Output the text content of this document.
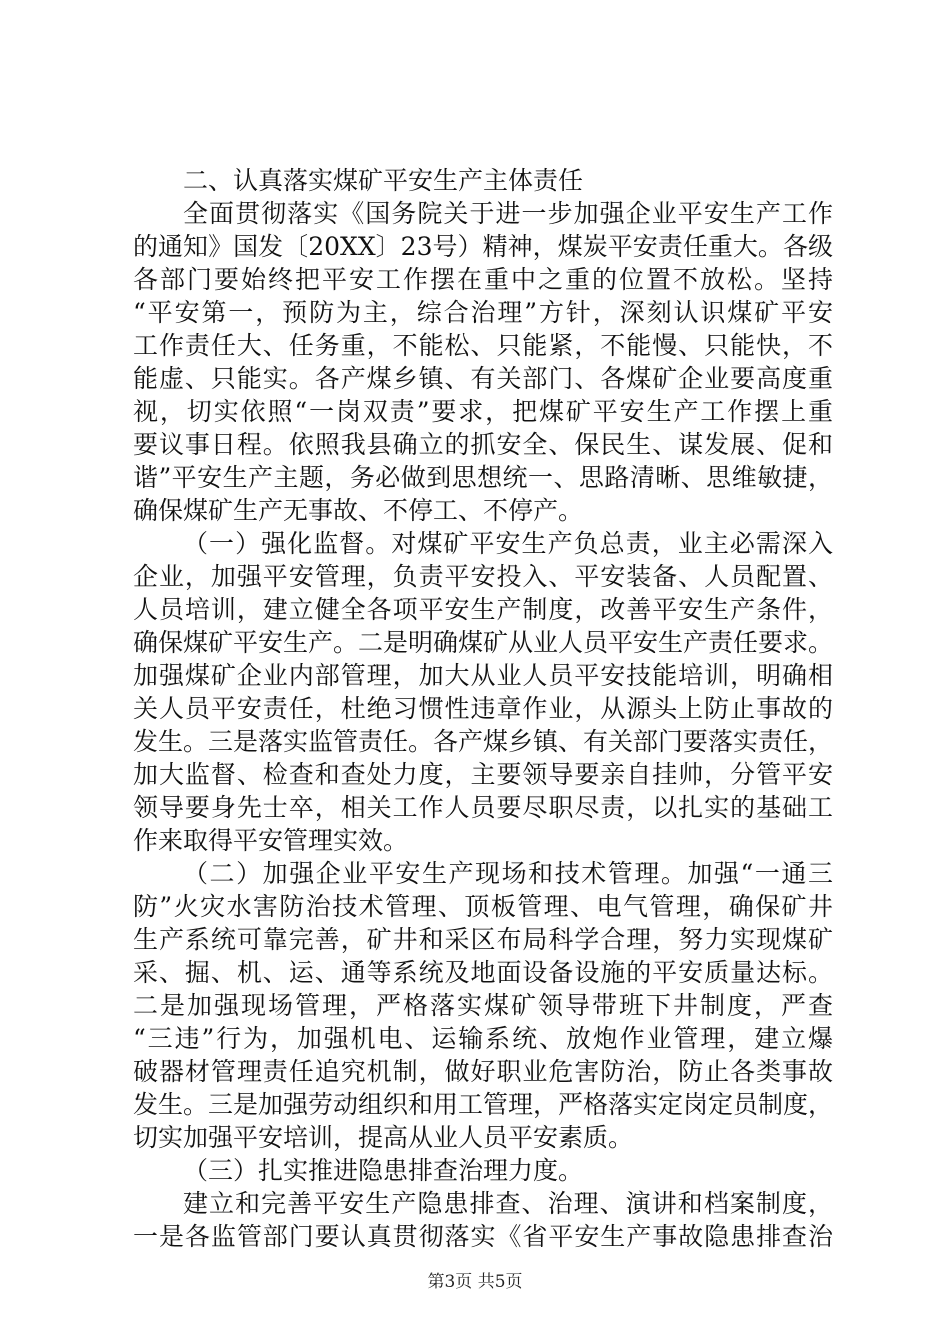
二、认真落实煤矿平安生产主体责任
全面贯彻落实《国务院关于进一步加强企业平安生产工作
的通知》国发〔20XX〕23号）精神，煤炭平安责任重大。各级
各部门要始终把平安工作摆在重中之重的位置不放松。坚持
“平安第一，预防为主，综合治理”方针，深刻认识煤矿平安
工作责任大、任务重，不能松、只能紧，不能慢、只能快，不
能虚、只能实。各产煤乡镇、有关部门、各煤矿企业要高度重
视，切实依照“一岗双责”要求，把煤矿平安生产工作摆上重
要议事日程。依照我县确立的抓安全、保民生、谋发展、促和
谐”平安生产主题，务必做到思想统一、思路清晰、思维敏捷，
确保煤矿生产无事故、不停工、不停产。
（一）强化监督。对煤矿平安生产负总责，业主必需深入
企业，加强平安管理，负责平安投入、平安装备、人员配置、
人员培训，建立健全各项平安生产制度，改善平安生产条件，
确保煤矿平安生产。二是明确煤矿从业人员平安生产责任要求。
加强煤矿企业内部管理，加大从业人员平安技能培训，明确相
关人员平安责任，杜绝习惯性违章作业，从源头上防止事故的
发生。三是落实监管责任。各产煤乡镇、有关部门要落实责任，
加大监督、检查和查处力度，主要领导要亲自挂帅，分管平安
领导要身先士卒，相关工作人员要尽职尽责，以扎实的基础工
作来取得平安管理实效。
（二）加强企业平安生产现场和技术管理。加强“一通三
防”火灾水害防治技术管理、顶板管理、电气管理，确保矿井
生产系统可靠完善，矿井和采区布局科学合理，努力实现煤矿
采、掘、机、运、通等系统及地面设备设施的平安质量达标。
二是加强现场管理，严格落实煤矿领导带班下井制度，严查
“三违”行为，加强机电、运输系统、放炮作业管理，建立爆
破器材管理责任追究机制，做好职业危害防治，防止各类事故
发生。三是加强劳动组织和用工管理，严格落实定岗定员制度，
切实加强平安培训，提高从业人员平安素质。
（三）扎实推进隐患排查治理力度。
建立和完善平安生产隐患排查、治理、演讲和档案制度，
一是各监管部门要认真贯彻落实《省平安生产事故隐患排查治
第3页 共5页
